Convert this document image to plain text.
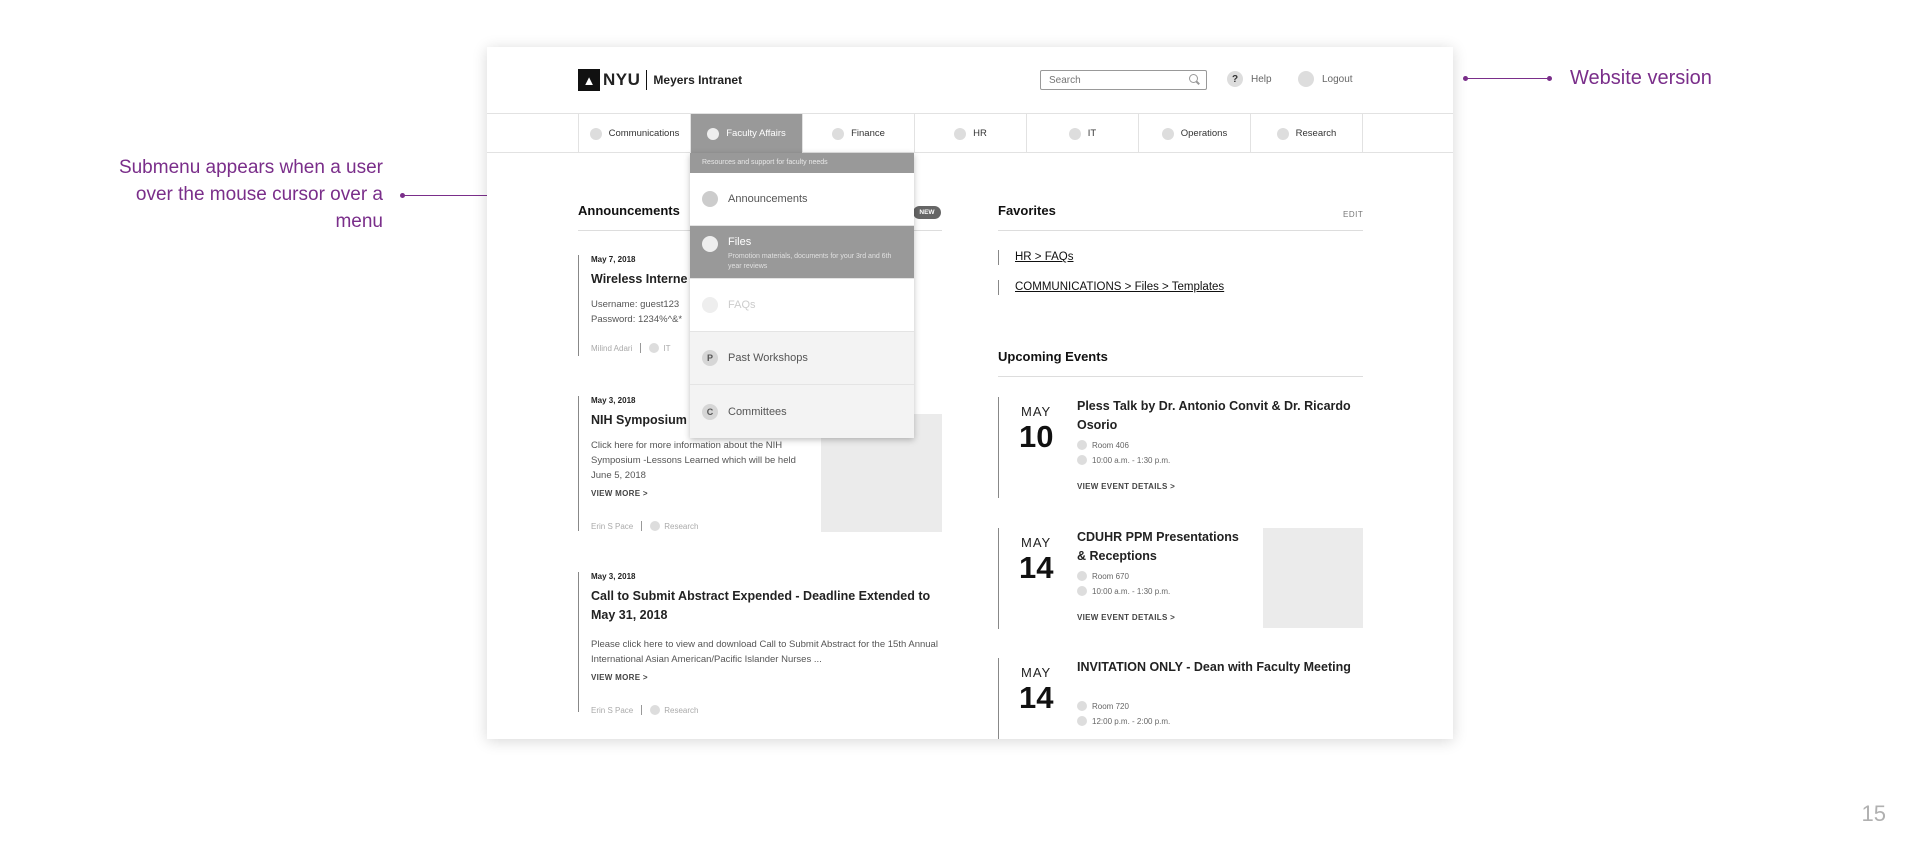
Website version
Submenu appears when a user over the mouse cursor over a menu
15
▲ NYU Meyers Intranet
Search	?	Help	Logout
Communications	Faculty Affairs	Finance	HR	IT	Operations	Research
Resources and support for faculty needs
Announcements
Files
Promotion materials, documents for your 3rd and 6th year reviews
FAQs
P	Past Workshops
C	Committees
Announcements	NEW
May 7, 2018
Wireless Interne
Username: guest123
Password: 1234%^&*
Milind Adari	IT
May 3, 2018
NIH Symposium
Click here for more information about the NIH Symposium -Lessons Learned which will be held June 5, 2018
VIEW MORE >
Erin S Pace	Research
May 3, 2018
Call to Submit Abstract Expended - Deadline Extended to May 31, 2018
Please click here to view and download Call to Submit Abstract for the 15th Annual International Asian American/Pacific Islander Nurses ...
VIEW MORE >
Erin S Pace	Research
Favorites	EDIT
HR > FAQs
COMMUNICATIONS > Files > Templates
Upcoming Events
MAY
10
Pless Talk by Dr. Antonio Convit & Dr. Ricardo Osorio
Room 406
10:00 a.m. - 1:30 p.m.
VIEW EVENT DETAILS >
MAY
14
CDUHR PPM Presentations & Receptions
Room 670
10:00 a.m. - 1:30 p.m.
VIEW EVENT DETAILS >
MAY
14
INVITATION ONLY - Dean with Faculty Meeting
Room 720
12:00 p.m. - 2:00 p.m.
